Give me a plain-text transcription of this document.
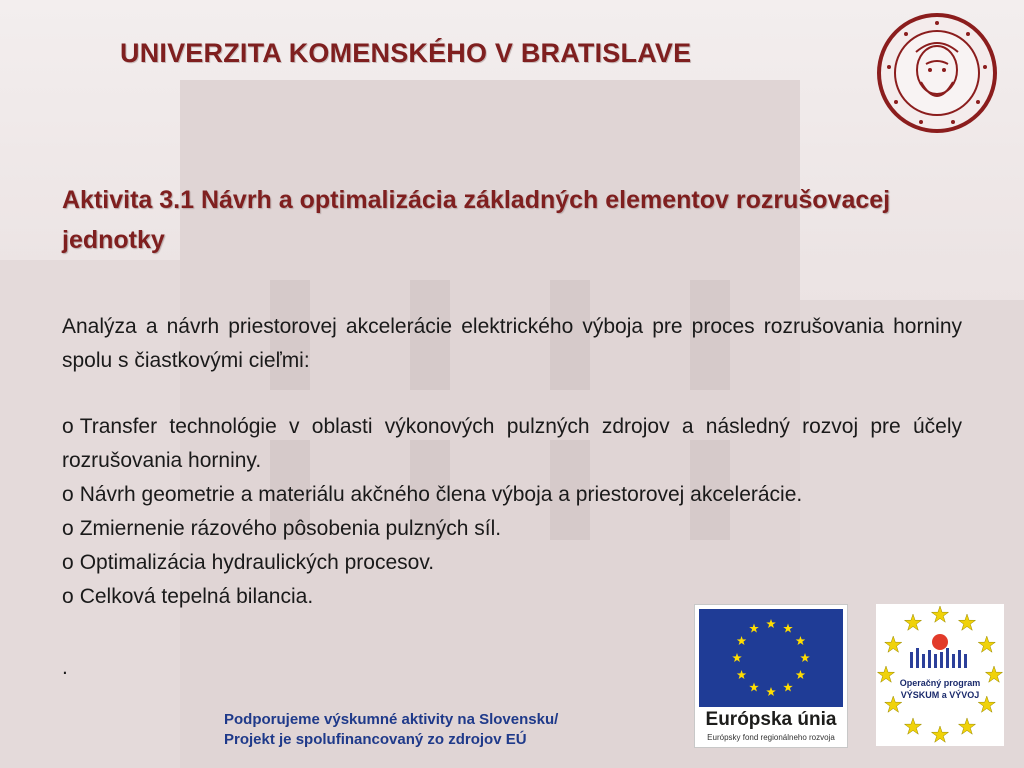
UNIVERZITA KOMENSKÉHO V BRATISLAVE
Aktivita 3.1 Návrh a optimalizácia základných elementov rozrušovacej jednotky

Analýza a návrh priestorovej akcelerácie elektrického výboja pre proces rozrušovania horniny spolu s čiastkovými cieľmi:

o Transfer technológie v oblasti výkonových pulzných zdrojov a následný rozvoj pre účely rozrušovania horniny.
o Návrh geometrie a materiálu akčného člena výboja a priestorovej akcelerácie.
o Zmiernenie rázového pôsobenia pulzných síl.
o Optimalizácia hydraulických procesov.
o Celková tepelná bilancia.
.
Podporujeme výskumné aktivity na Slovensku/
Projekt je spolufinancovaný zo zdrojov EÚ
Európska únia
Európsky fond regionálneho rozvoja
Operačný program
VÝSKUM a VÝVOJ
